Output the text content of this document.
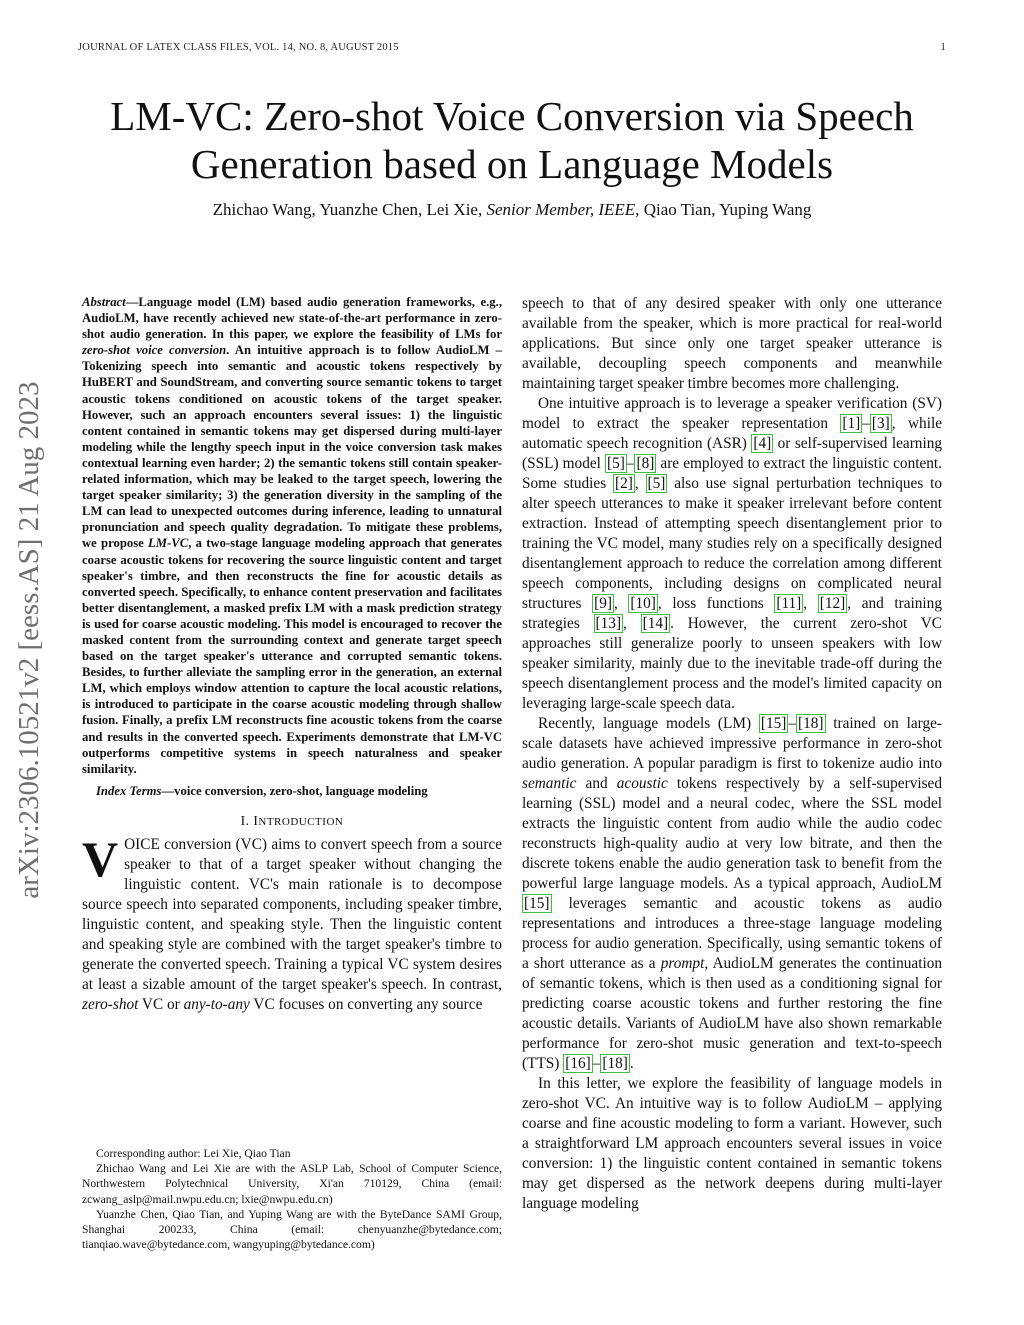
JOURNAL OF LATEX CLASS FILES, VOL. 14, NO. 8, AUGUST 2015	1
arXiv:2306.10521v2 [eess.AS] 21 Aug 2023
LM-VC: Zero-shot Voice Conversion via Speech Generation based on Language Models
Zhichao Wang, Yuanzhe Chen, Lei Xie, Senior Member, IEEE, Qiao Tian, Yuping Wang
Abstract—Language model (LM) based audio generation frameworks, e.g., AudioLM, have recently achieved new state-of-the-art performance in zero-shot audio generation. In this paper, we explore the feasibility of LMs for zero-shot voice conversion. An intuitive approach is to follow AudioLM – Tokenizing speech into semantic and acoustic tokens respectively by HuBERT and SoundStream, and converting source semantic tokens to target acoustic tokens conditioned on acoustic tokens of the target speaker. However, such an approach encounters several issues: 1) the linguistic content contained in semantic tokens may get dispersed during multi-layer modeling while the lengthy speech input in the voice conversion task makes contextual learning even harder; 2) the semantic tokens still contain speaker-related information, which may be leaked to the target speech, lowering the target speaker similarity; 3) the generation diversity in the sampling of the LM can lead to unexpected outcomes during inference, leading to unnatural pronunciation and speech quality degradation. To mitigate these problems, we propose LM-VC, a two-stage language modeling approach that generates coarse acoustic tokens for recovering the source linguistic content and target speaker's timbre, and then reconstructs the fine for acoustic details as converted speech. Specifically, to enhance content preservation and facilitates better disentanglement, a masked prefix LM with a mask prediction strategy is used for coarse acoustic modeling. This model is encouraged to recover the masked content from the surrounding context and generate target speech based on the target speaker's utterance and corrupted semantic tokens. Besides, to further alleviate the sampling error in the generation, an external LM, which employs window attention to capture the local acoustic relations, is introduced to participate in the coarse acoustic modeling through shallow fusion. Finally, a prefix LM reconstructs fine acoustic tokens from the coarse and results in the converted speech. Experiments demonstrate that LM-VC outperforms competitive systems in speech naturalness and speaker similarity.
Index Terms—voice conversion, zero-shot, language modeling
I. INTRODUCTION

VOICE conversion (VC) aims to convert speech from a source speaker to that of a target speaker without changing the linguistic content. VC's main rationale is to decompose source speech into separated components, including speaker timbre, linguistic content, and speaking style. Then the linguistic content and speaking style are combined with the target speaker's timbre to generate the converted speech. Training a typical VC system desires at least a sizable amount of the target speaker's speech. In contrast, zero-shot VC or any-to-any VC focuses on converting any source

Corresponding author: Lei Xie, Qiao Tian

Zhichao Wang and Lei Xie are with the ASLP Lab, School of Computer Science, Northwestern Polytechnical University, Xi'an 710129, China (email: zcwang_aslp@mail.nwpu.edu.cn; lxie@nwpu.edu.cn)

Yuanzhe Chen, Qiao Tian, and Yuping Wang are with the ByteDance SAMI Group, Shanghai 200233, China (email: chenyuanzhe@bytedance.com; tianqiao.wave@bytedance.com, wangyuping@bytedance.com)

speech to that of any desired speaker with only one utterance available from the speaker, which is more practical for real-world applications. But since only one target speaker utterance is available, decoupling speech components and meanwhile maintaining target speaker timbre becomes more challenging.

One intuitive approach is to leverage a speaker verification (SV) model to extract the speaker representation [1] – [3] , while automatic speech recognition (ASR) [4] or self-supervised learning (SSL) model [5] – [8] are employed to extract the linguistic content. Some studies [2] , [5] also use signal perturbation techniques to alter speech utterances to make it speaker irrelevant before content extraction. Instead of attempting speech disentanglement prior to training the VC model, many studies rely on a specifically designed disentanglement approach to reduce the correlation among different speech components, including designs on complicated neural structures [9] , [10] , loss functions [11] , [12] , and training strategies [13] , [14] . However, the current zero-shot VC approaches still generalize poorly to unseen speakers with low speaker similarity, mainly due to the inevitable trade-off during the speech disentanglement process and the model's limited capacity on leveraging large-scale speech data.

Recently, language models (LM) [15] – [18] trained on large-scale datasets have achieved impressive performance in zero-shot audio generation. A popular paradigm is first to tokenize audio into semantic and acoustic tokens respectively by a self-supervised learning (SSL) model and a neural codec, where the SSL model extracts the linguistic content from audio while the audio codec reconstructs high-quality audio at very low bitrate, and then the discrete tokens enable the audio generation task to benefit from the powerful large language models. As a typical approach, AudioLM [15] leverages semantic and acoustic tokens as audio representations and introduces a three-stage language modeling process for audio generation. Specifically, using semantic tokens of a short utterance as a prompt, AudioLM generates the continuation of semantic tokens, which is then used as a conditioning signal for predicting coarse acoustic tokens and further restoring the fine acoustic details. Variants of AudioLM have also shown remarkable performance for zero-shot music generation and text-to-speech (TTS) [16] – [18] .

In this letter, we explore the feasibility of language models in zero-shot VC. An intuitive way is to follow AudioLM – applying coarse and fine acoustic modeling to form a variant. However, such a straightforward LM approach encounters several issues in voice conversion: 1) the linguistic content contained in semantic tokens may get dispersed as the network deepens during multi-layer language modeling
